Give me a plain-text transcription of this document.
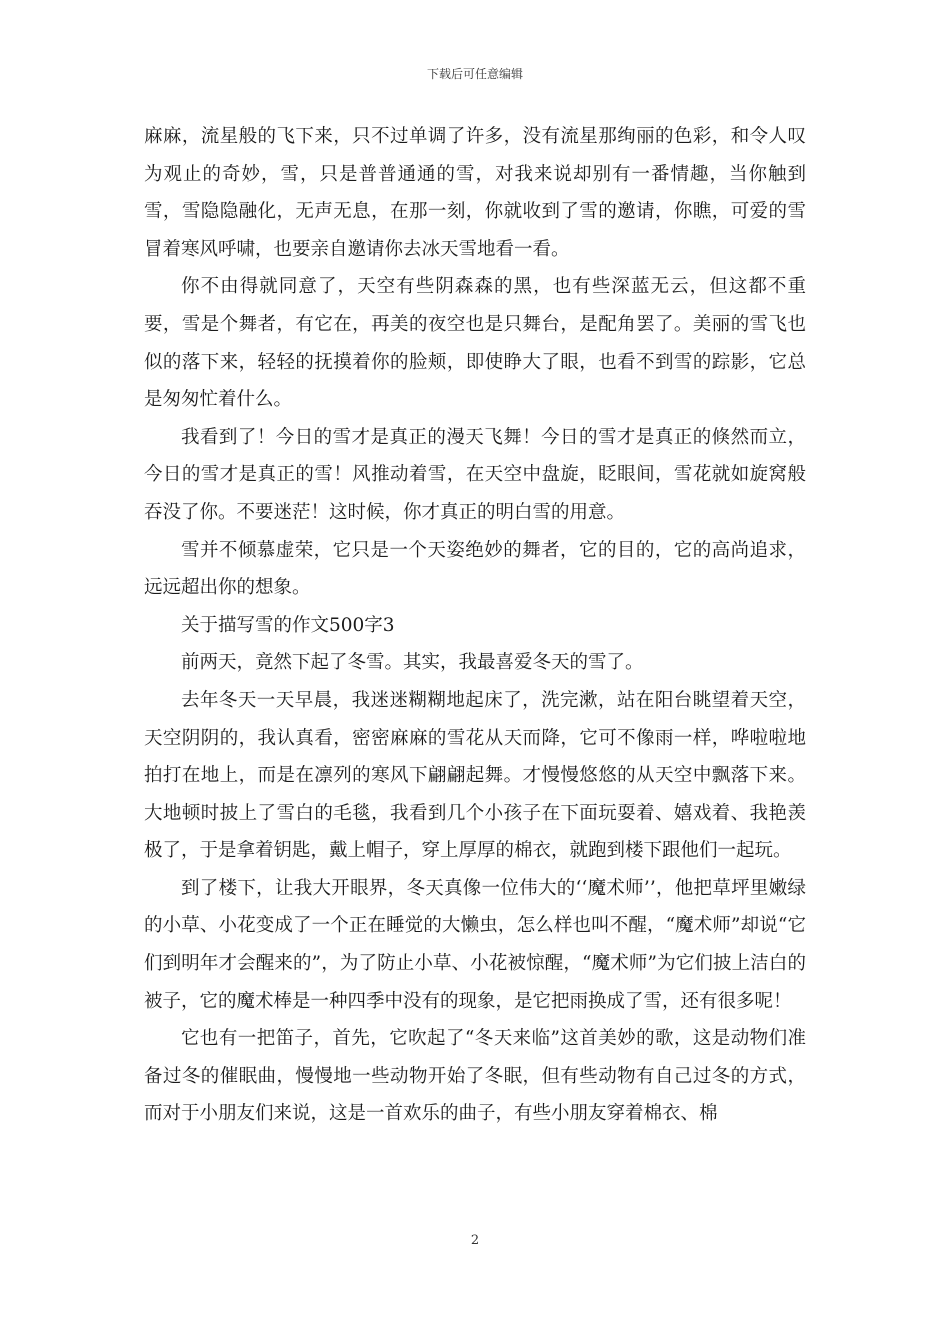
下载后可任意编辑

麻麻，流星般的飞下来，只不过单调了许多，没有流星那绚丽的色彩，和令人叹为观止的奇妙，雪，只是普普通通的雪，对我来说却别有一番情趣，当你触到雪，雪隐隐融化，无声无息，在那一刻，你就收到了雪的邀请，你瞧，可爱的雪冒着寒风呼啸，也要亲自邀请你去冰天雪地看一看。

你不由得就同意了，天空有些阴森森的黑，也有些深蓝无云，但这都不重要，雪是个舞者，有它在，再美的夜空也是只舞台，是配角罢了。美丽的雪飞也似的落下来，轻轻的抚摸着你的脸颊，即使睁大了眼，也看不到雪的踪影，它总是匆匆忙着什么。

我看到了！今日的雪才是真正的漫天飞舞！今日的雪才是真正的倏然而立，今日的雪才是真正的雪！风推动着雪，在天空中盘旋，眨眼间，雪花就如旋窝般吞没了你。不要迷茫！这时候，你才真正的明白雪的用意。

雪并不倾慕虚荣，它只是一个天姿绝妙的舞者，它的目的，它的高尚追求，远远超出你的想象。

关于描写雪的作文500字3

前两天，竟然下起了冬雪。其实，我最喜爱冬天的雪了。

去年冬天一天早晨，我迷迷糊糊地起床了，洗完漱，站在阳台眺望着天空，天空阴阴的，我认真看，密密麻麻的雪花从天而降，它可不像雨一样，哗啦啦地拍打在地上，而是在凛列的寒风下翩翩起舞。才慢慢悠悠的从天空中飘落下来。大地顿时披上了雪白的毛毯，我看到几个小孩子在下面玩耍着、嬉戏着、我艳羡极了，于是拿着钥匙，戴上帽子，穿上厚厚的棉衣，就跑到楼下跟他们一起玩。

到了楼下，让我大开眼界，冬天真像一位伟大的‘‘魔术师’’，他把草坪里嫩绿的小草、小花变成了一个正在睡觉的大懒虫，怎么样也叫不醒，“魔术师”却说“它们到明年才会醒来的”，为了防止小草、小花被惊醒，“魔术师”为它们披上洁白的被子，它的魔术棒是一种四季中没有的现象，是它把雨换成了雪，还有很多呢！

它也有一把笛子，首先，它吹起了“冬天来临”这首美妙的歌，这是动物们准备过冬的催眠曲，慢慢地一些动物开始了冬眠，但有些动物有自己过冬的方式，而对于小朋友们来说，这是一首欢乐的曲子，有些小朋友穿着棉衣、棉

2
